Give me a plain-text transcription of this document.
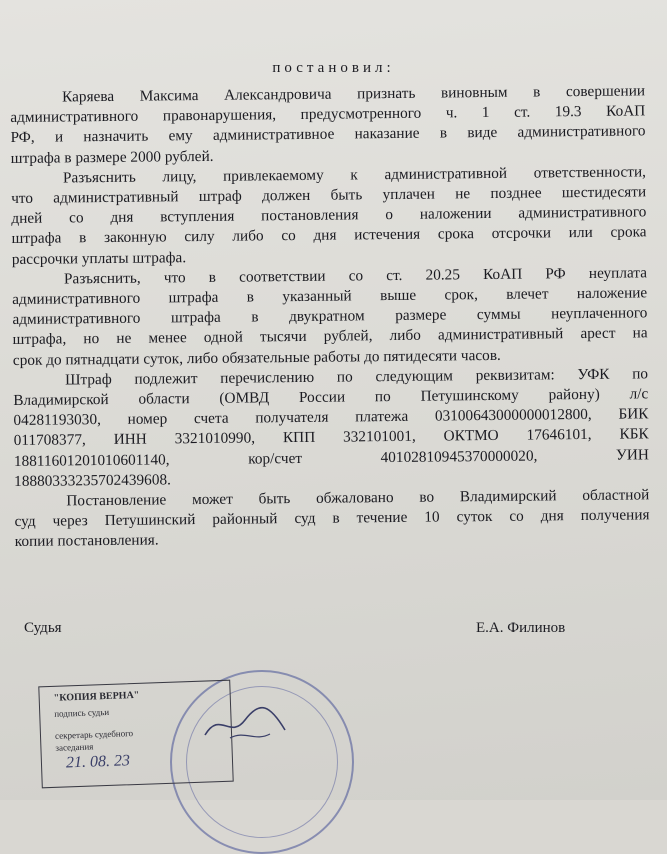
постановил:
Каряева Максима Александровича признать виновным в совершении
административного правонарушения, предусмотренного ч. 1 ст. 19.3 КоАП
РФ, и назначить ему административное наказание в виде административного
штрафа в размере 2000 рублей.
Разъяснить лицу, привлекаемому к административной ответственности,
что административный штраф должен быть уплачен не позднее шестидесяти
дней со дня вступления постановления о наложении административного
штрафа в законную силу либо со дня истечения срока отсрочки или срока
рассрочки уплаты штрафа.
Разъяснить, что в соответствии со ст. 20.25 КоАП РФ неуплата
административного штрафа в указанный выше срок, влечет наложение
административного штрафа в двукратном размере суммы неуплаченного
штрафа, но не менее одной тысячи рублей, либо административный арест на
срок до пятнадцати суток, либо обязательные работы до пятидесяти часов.
Штраф подлежит перечислению по следующим реквизитам: УФК по
Владимирской области (ОМВД России по Петушинскому району) л/с
04281193030, номер счета получателя платежа 03100643000000012800, БИК
011708377, ИНН 3321010990, КПП 332101001, ОКТМО 17646101, КБК
18811601201010601140, кор/счет 40102810945370000020, УИН
18880333235702439608.
Постановление может быть обжаловано во Владимирский областной
суд через Петушинский районный суд в течение 10 суток со дня получения
копии постановления.
Судья	Е.А. Филинов
"КОПИЯ ВЕРНА"
подпись судьи
секретарь судебного
заседания
21. 08. 23
